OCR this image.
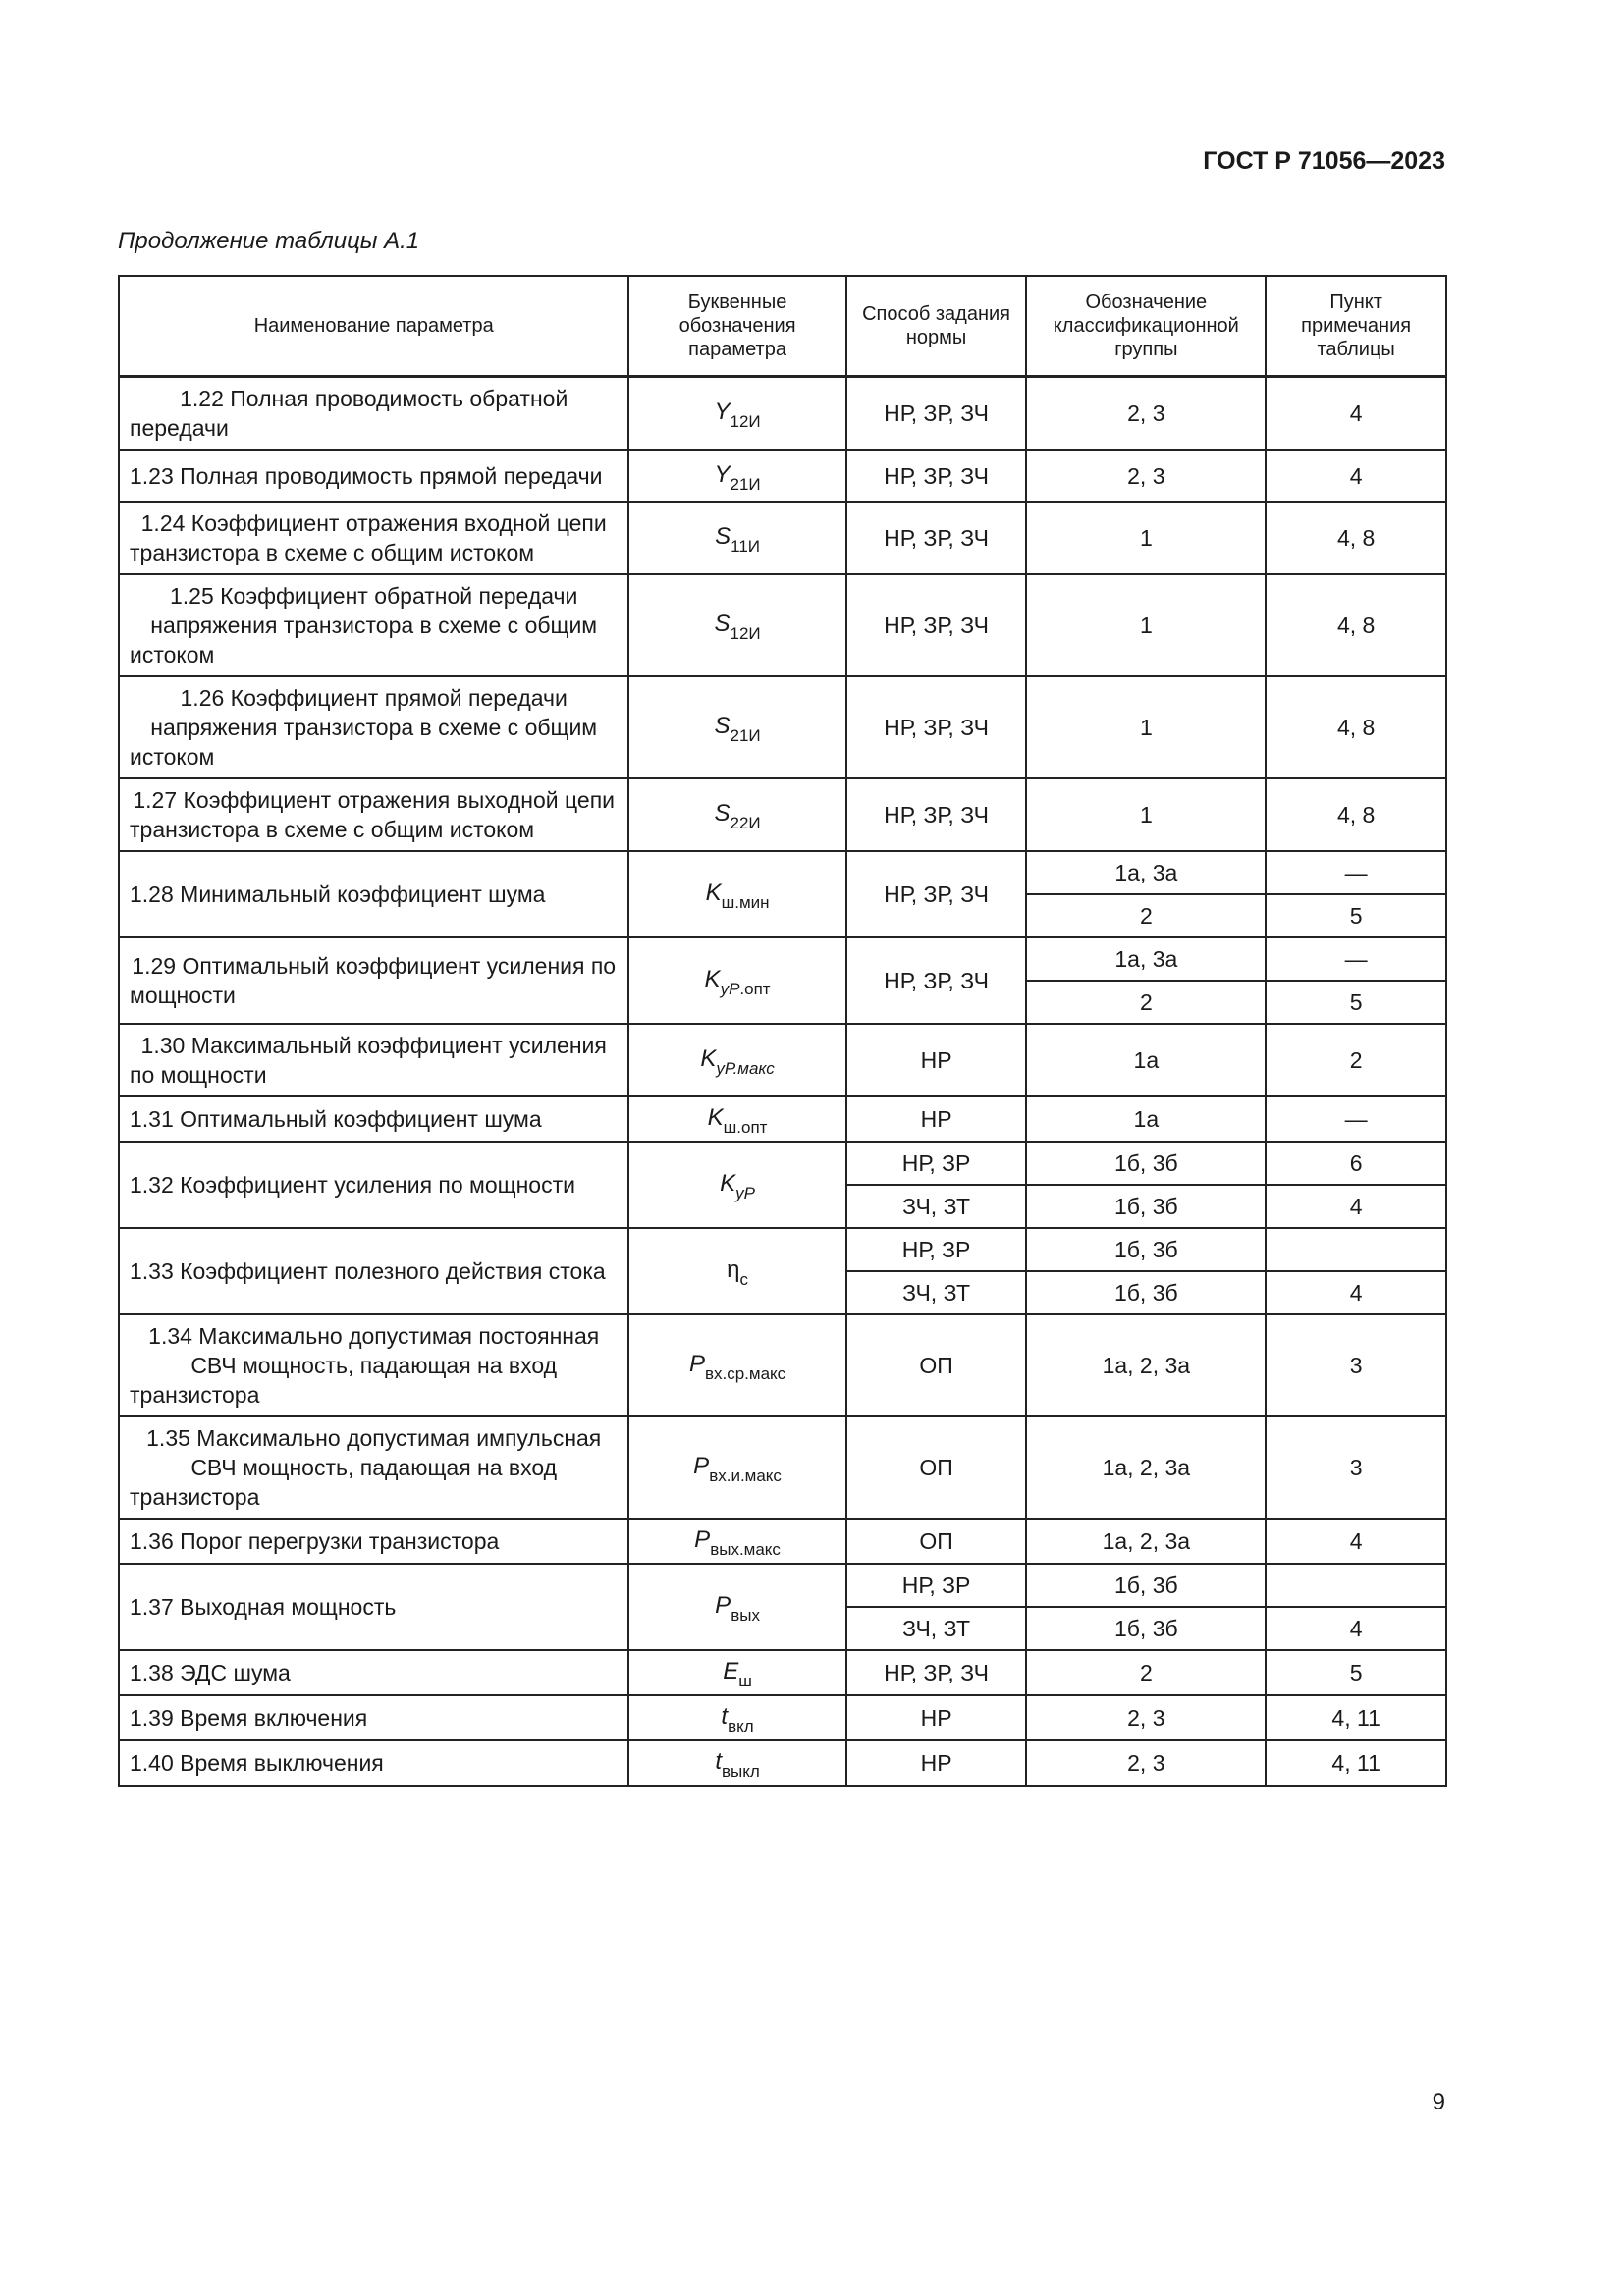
ГОСТ Р 71056—2023
Продолжение таблицы А.1
Наименование параметра	Буквенные обозначения параметра	Способ задания нормы	Обозначение классификационной группы	Пункт примечания таблицы
1.22 Полная проводимость обратной передачи	$Y_{12И}$	НР, ЗР, ЗЧ	2, 3	4
1.23 Полная проводимость прямой передачи	$Y_{21И}$	НР, ЗР, ЗЧ	2, 3	4
1.24 Коэффициент отражения входной цепи транзистора в схеме с общим истоком	$S_{11И}$	НР, ЗР, ЗЧ	1	4, 8
1.25 Коэффициент обратной передачи напряжения транзистора в схеме с общим истоком	$S_{12И}$	НР, ЗР, ЗЧ	1	4, 8
1.26 Коэффициент прямой передачи напряжения транзистора в схеме с общим истоком	$S_{21И}$	НР, ЗР, ЗЧ	1	4, 8
1.27 Коэффициент отражения выходной цепи транзистора в схеме с общим истоком	$S_{22И}$	НР, ЗР, ЗЧ	1	4, 8
1.28 Минимальный коэффициент шума	$K_{ш.мин}$	НР, ЗР, ЗЧ	1а, 3а	—
			2	5
1.29 Оптимальный коэффициент усиления по мощности	$K_{уР.опт}$	НР, ЗР, ЗЧ	1а, 3а	—
			2	5
1.30 Максимальный коэффициент усиления по мощности	$K_{уР.макс}$	НР	1а	2
1.31 Оптимальный коэффициент шума	$K_{ш.опт}$	НР	1а	—
1.32 Коэффициент усиления по мощности	$K_{уР}$	НР, ЗР	1б, 3б	6
		ЗЧ, ЗТ	1б, 3б	4
1.33 Коэффициент полезного действия стока	$\eta_с$	НР, ЗР	1б, 3б	
		ЗЧ, ЗТ	1б, 3б	4
1.34 Максимально допустимая постоянная СВЧ мощность, падающая на вход транзистора	$P_{вх.ср.макс}$	ОП	1а, 2, 3а	3
1.35 Максимально допустимая импульсная СВЧ мощность, падающая на вход транзистора	$P_{вх.и.макс}$	ОП	1а, 2, 3а	3
1.36 Порог перегрузки транзистора	$P_{вых.макс}$	ОП	1а, 2, 3а	4
1.37 Выходная мощность	$P_{вых}$	НР, ЗР	1б, 3б	
		ЗЧ, ЗТ	1б, 3б	4
1.38 ЭДС шума	$E_ш$	НР, ЗР, ЗЧ	2	5
1.39 Время включения	$t_{вкл}$	НР	2, 3	4, 11
1.40 Время выключения	$t_{выкл}$	НР	2, 3	4, 11
9
